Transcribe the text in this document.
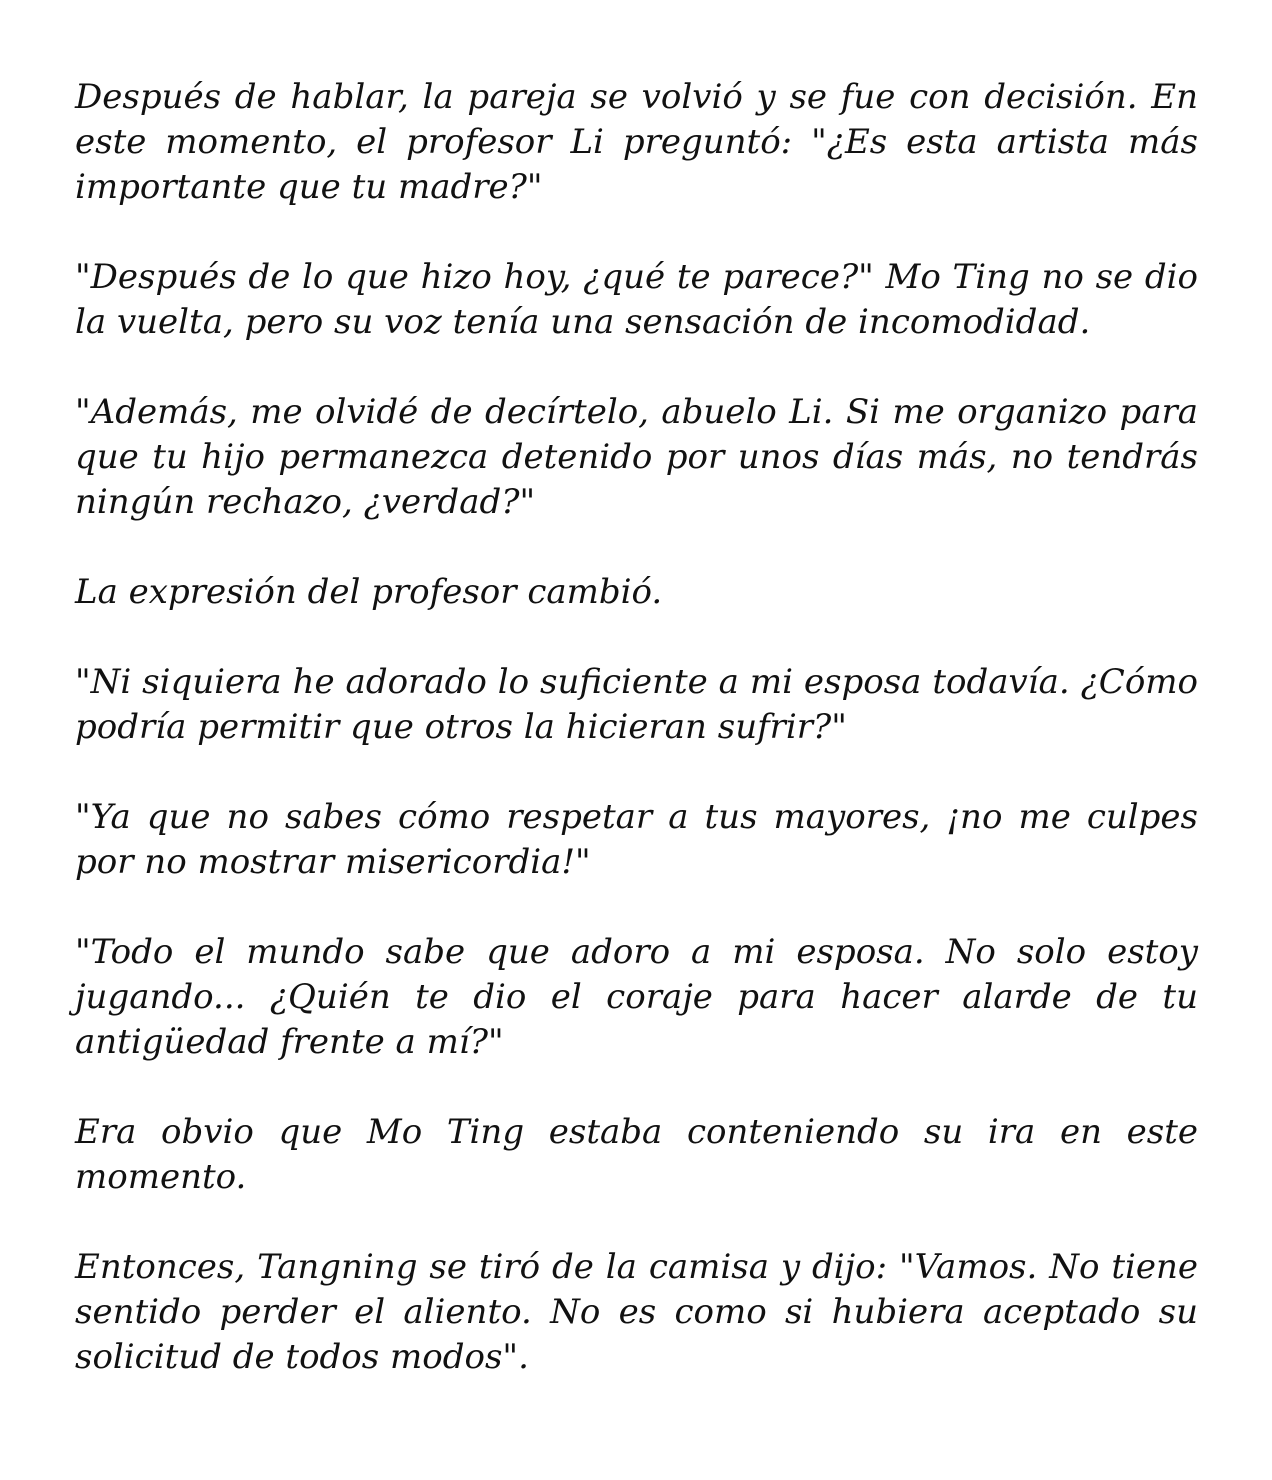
Después de hablar, la pareja se volvió y se fue con decisión. En este momento, el profesor Li preguntó: "¿Es esta artista más importante que tu madre?"

"Después de lo que hizo hoy, ¿qué te parece?" Mo Ting no se dio la vuelta, pero su voz tenía una sensación de incomodidad.

"Además, me olvidé de decírtelo, abuelo Li. Si me organizo para que tu hijo permanezca detenido por unos días más, no tendrás ningún rechazo, ¿verdad?"

La expresión del profesor cambió.

"Ni siquiera he adorado lo suficiente a mi esposa todavía. ¿Cómo podría permitir que otros la hicieran sufrir?"

"Ya que no sabes cómo respetar a tus mayores, ¡no me culpes por no mostrar misericordia!"

"Todo el mundo sabe que adoro a mi esposa. No solo estoy jugando... ¿Quién te dio el coraje para hacer alarde de tu antigüedad frente a mí?"

Era obvio que Mo Ting estaba conteniendo su ira en este momento.

Entonces, Tangning se tiró de la camisa y dijo: "Vamos. No tiene sentido perder el aliento. No es como si hubiera aceptado su solicitud de todos modos".
